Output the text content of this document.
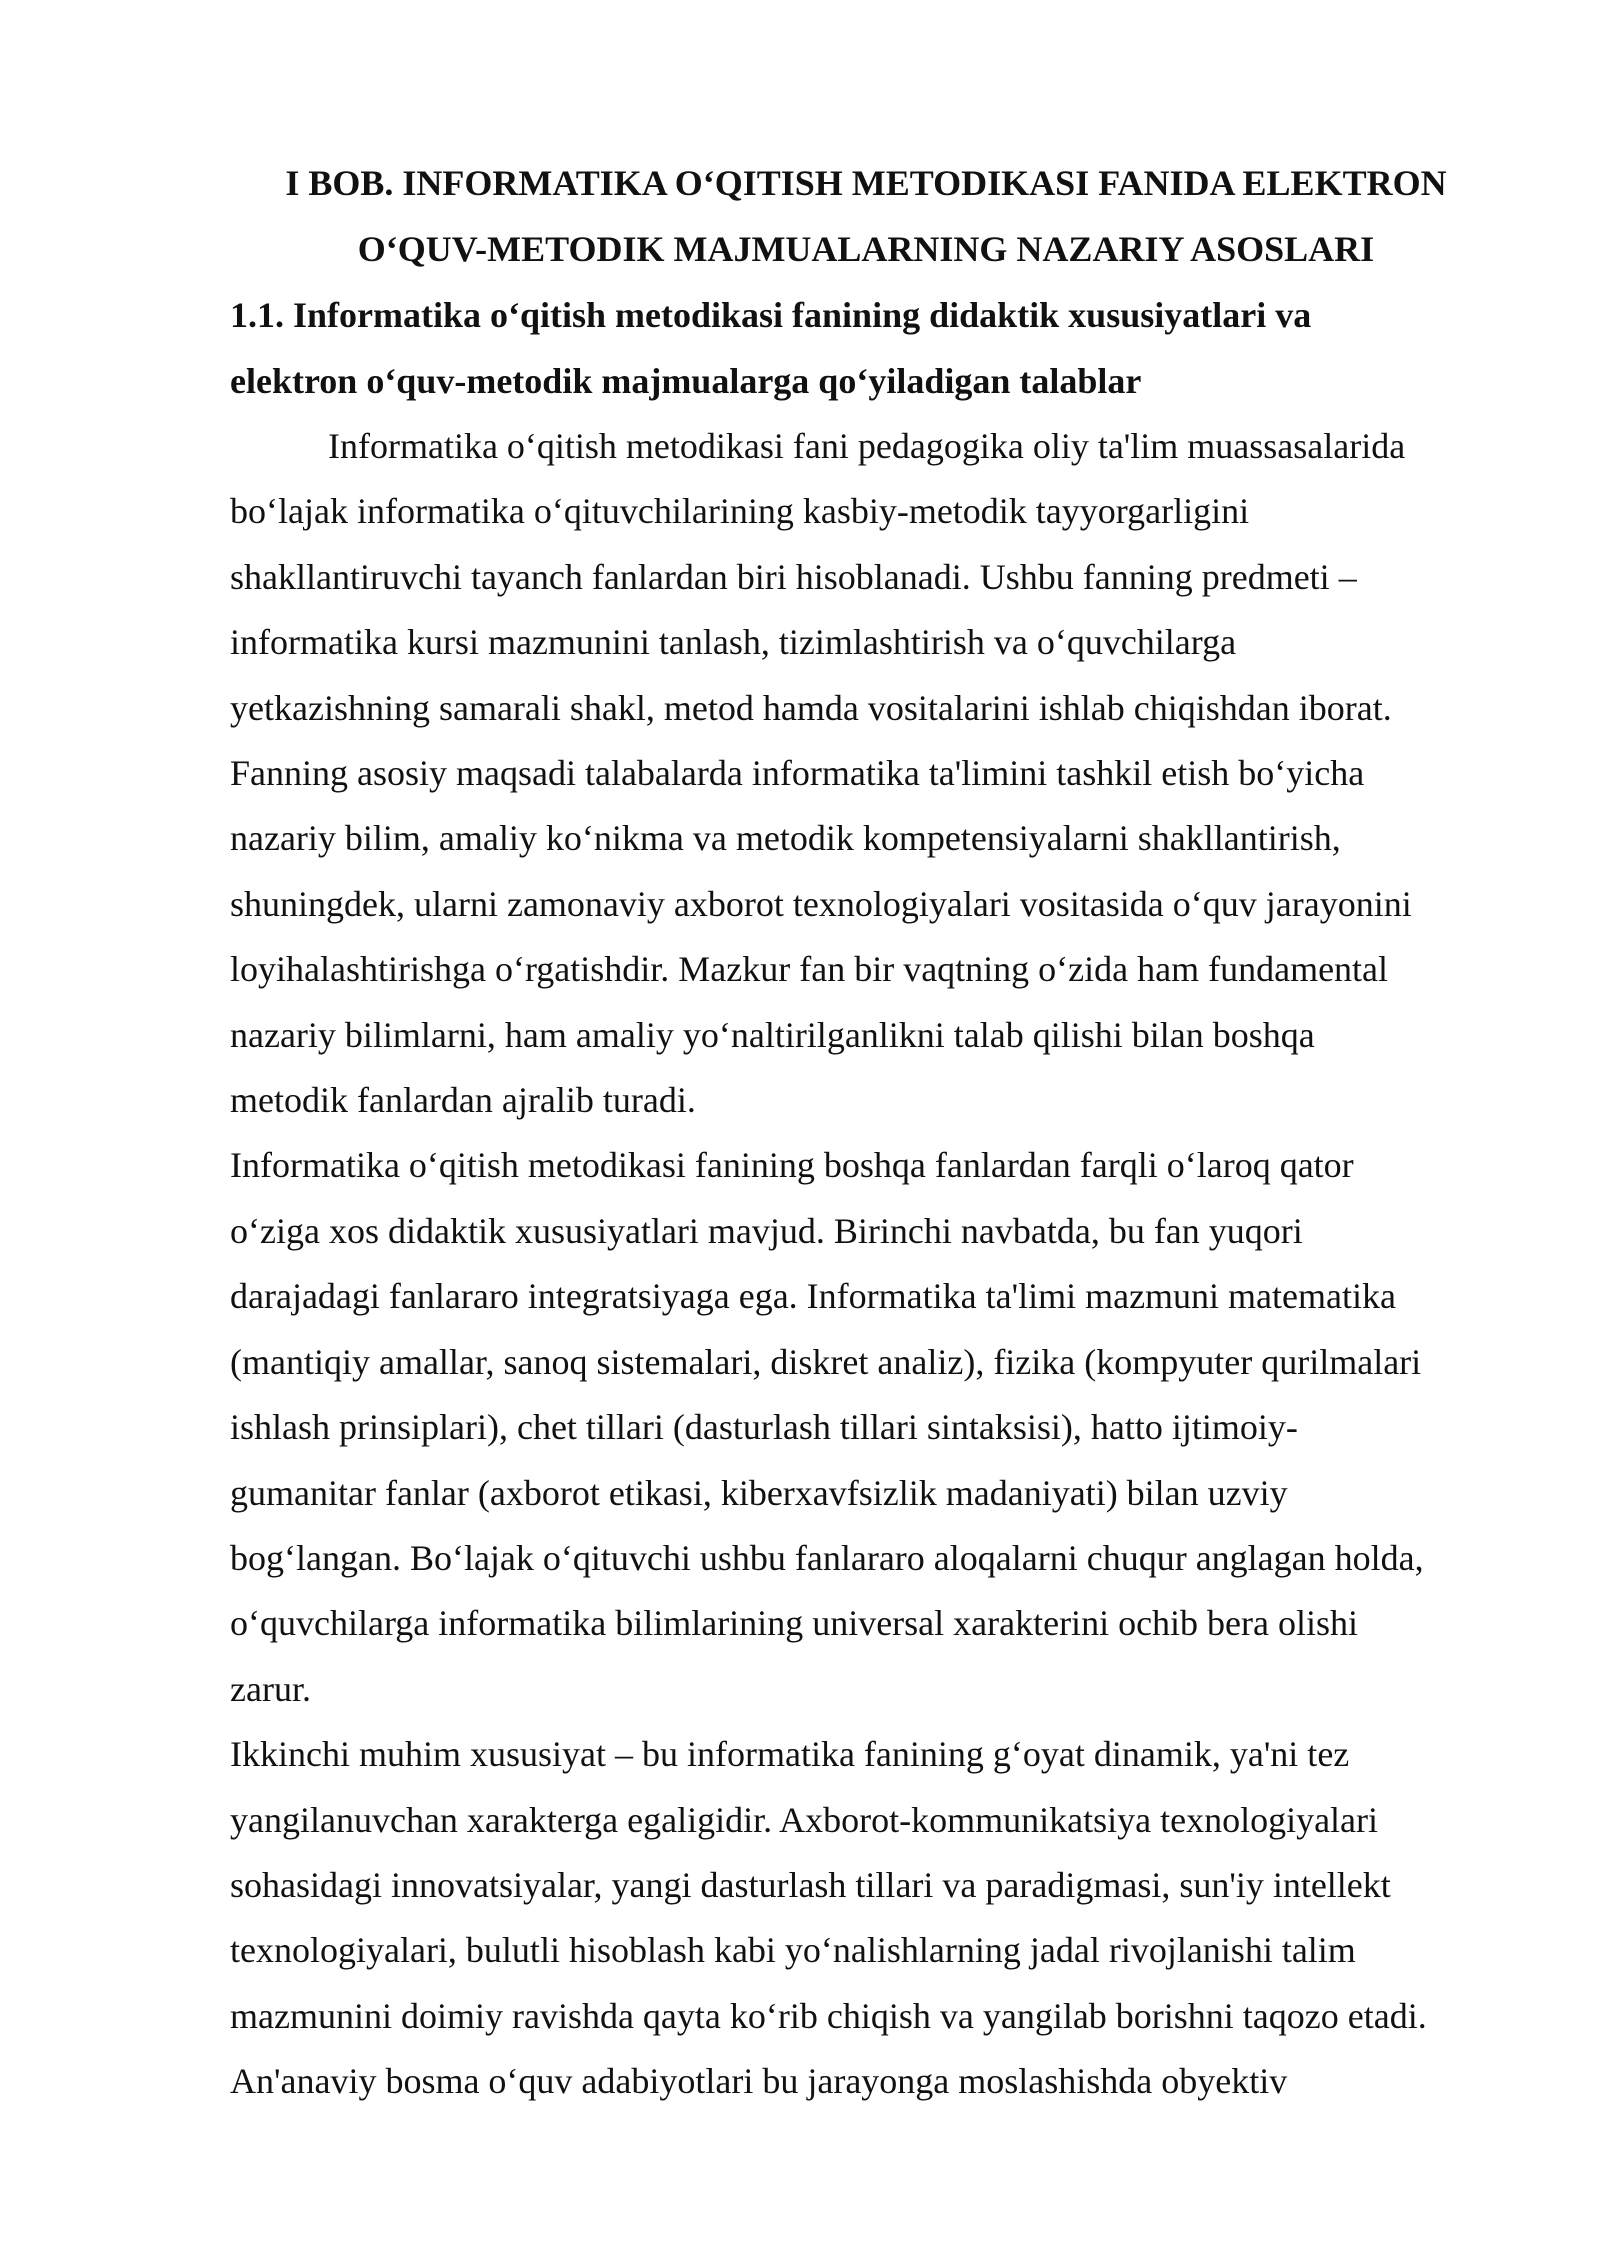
I BOB. INFORMATIKA O‘QITISH METODIKASI FANIDA ELEKTRON
O‘QUV-METODIK MAJMUALARNING NAZARIY ASOSLARI
1.1. Informatika o‘qitish metodikasi fanining didaktik xususiyatlari va
elektron o‘quv-metodik majmualarga qo‘yiladigan talablar

Informatika o‘qitish metodikasi fani pedagogika oliy ta'lim muassasalarida
bo‘lajak informatika o‘qituvchilarining kasbiy-metodik tayyorgarligini
shakllantiruvchi tayanch fanlardan biri hisoblanadi. Ushbu fanning predmeti –
informatika kursi mazmunini tanlash, tizimlashtirish va o‘quvchilarga
yetkazishning samarali shakl, metod hamda vositalarini ishlab chiqishdan iborat.
Fanning asosiy maqsadi talabalarda informatika ta'limini tashkil etish bo‘yicha
nazariy bilim, amaliy ko‘nikma va metodik kompetensiyalarni shakllantirish,
shuningdek, ularni zamonaviy axborot texnologiyalari vositasida o‘quv jarayonini
loyihalashtirishga o‘rgatishdir. Mazkur fan bir vaqtning o‘zida ham fundamental
nazariy bilimlarni, ham amaliy yo‘naltirilganlikni talab qilishi bilan boshqa
metodik fanlardan ajralib turadi.

Informatika o‘qitish metodikasi fanining boshqa fanlardan farqli o‘laroq qator
o‘ziga xos didaktik xususiyatlari mavjud. Birinchi navbatda, bu fan yuqori
darajadagi fanlararo integratsiyaga ega. Informatika ta'limi mazmuni matematika
(mantiqiy amallar, sanoq sistemalari, diskret analiz), fizika (kompyuter qurilmalari
ishlash prinsiplari), chet tillari (dasturlash tillari sintaksisi), hatto ijtimoiy-
gumanitar fanlar (axborot etikasi, kiberxavfsizlik madaniyati) bilan uzviy
bog‘langan. Bo‘lajak o‘qituvchi ushbu fanlararo aloqalarni chuqur anglagan holda,
o‘quvchilarga informatika bilimlarining universal xarakterini ochib bera olishi
zarur.

Ikkinchi muhim xususiyat – bu informatika fanining g‘oyat dinamik, ya'ni tez
yangilanuvchan xarakterga egaligidir. Axborot-kommunikatsiya texnologiyalari
sohasidagi innovatsiyalar, yangi dasturlash tillari va paradigmasi, sun'iy intellekt
texnologiyalari, bulutli hisoblash kabi yo‘nalishlarning jadal rivojlanishi talim
mazmunini doimiy ravishda qayta ko‘rib chiqish va yangilab borishni taqozo etadi.
An'anaviy bosma o‘quv adabiyotlari bu jarayonga moslashishda obyektiv
